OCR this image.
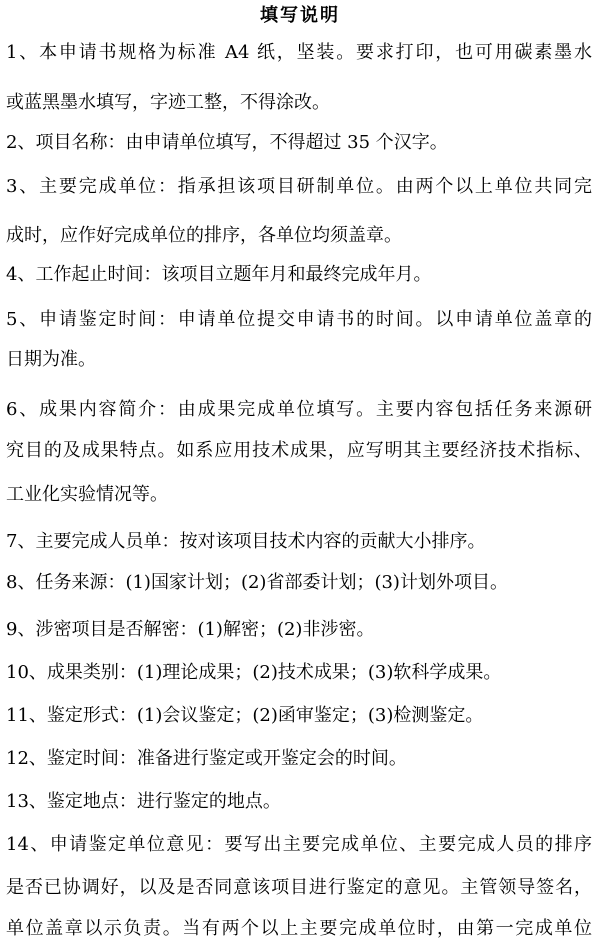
填写说明
1、本申请书规格为标准 A4 纸，坚装。要求打印，也可用碳素墨水
或蓝黑墨水填写，字迹工整，不得涂改。
2、项目名称：由申请单位填写，不得超过 35 个汉字。
3、主要完成单位：指承担该项目研制单位。由两个以上单位共同完
成时，应作好完成单位的排序，各单位均须盖章。
4、工作起止时间：该项目立题年月和最终完成年月。
5、申请鉴定时间：申请单位提交申请书的时间。以申请单位盖章的
日期为准。
6、成果内容简介：由成果完成单位填写。主要内容包括任务来源研
究目的及成果特点。如系应用技术成果，应写明其主要经济技术指标、
工业化实验情况等。
7、主要完成人员单：按对该项目技术内容的贡献大小排序。
8、任务来源：(1)国家计划；(2)省部委计划；(3)计划外项目。
9、涉密项目是否解密：(1)解密；(2)非涉密。
10、成果类别：(1)理论成果；(2)技术成果；(3)软科学成果。
11、鉴定形式：(1)会议鉴定；(2)函审鉴定；(3)检测鉴定。
12、鉴定时间：准备进行鉴定或开鉴定会的时间。
13、鉴定地点：进行鉴定的地点。
14、申请鉴定单位意见：要写出主要完成单位、主要完成人员的排序
是否已协调好，以及是否同意该项目进行鉴定的意见。主管领导签名，
单位盖章以示负责。当有两个以上主要完成单位时，由第一完成单位
